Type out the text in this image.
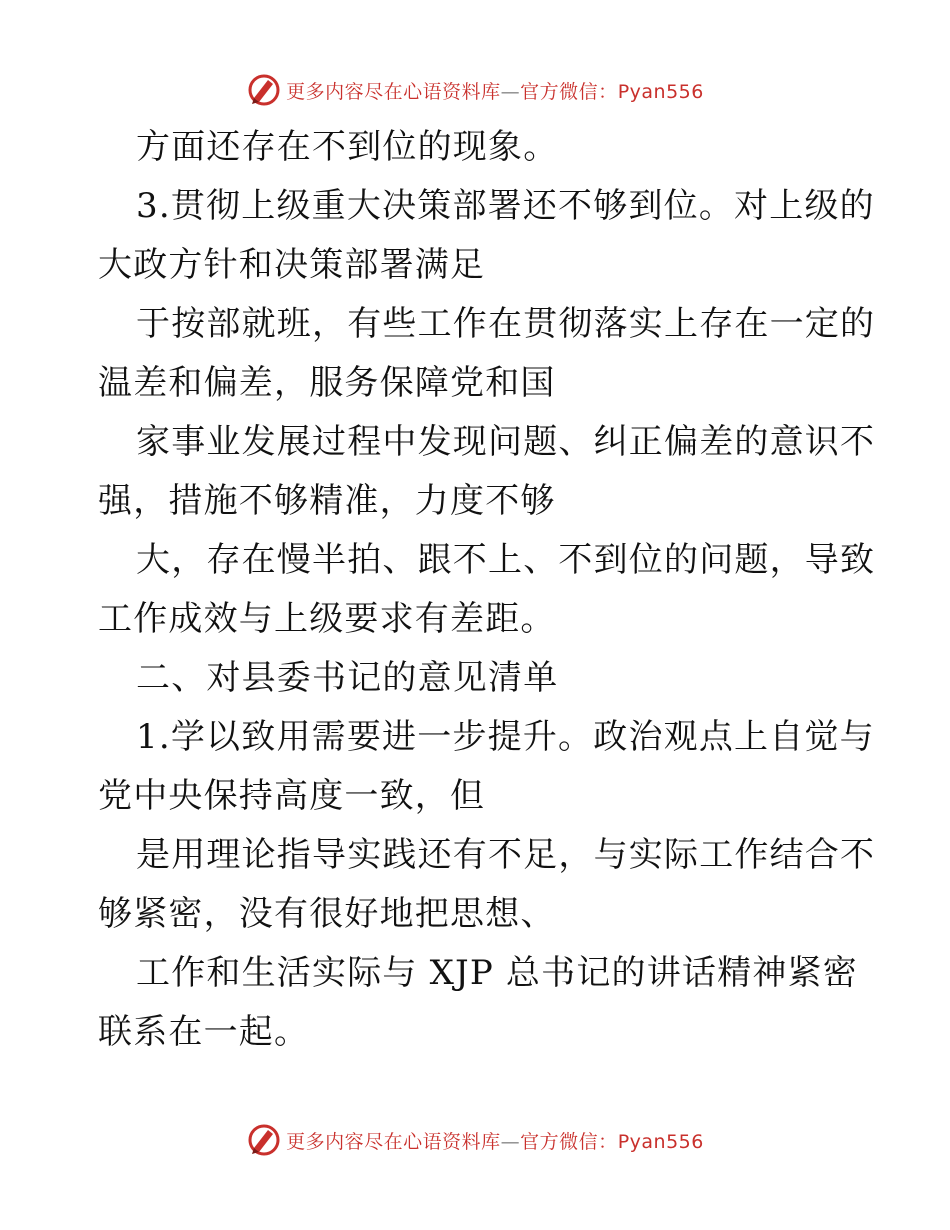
更多内容尽在心语资料库—官方微信：Pyan556
方面还存在不到位的现象。
3.贯彻上级重大决策部署还不够到位。对上级的
大政方针和决策部署满足
于按部就班，有些工作在贯彻落实上存在一定的
温差和偏差，服务保障党和国
家事业发展过程中发现问题、纠正偏差的意识不
强，措施不够精准，力度不够
大，存在慢半拍、跟不上、不到位的问题，导致
工作成效与上级要求有差距。
二、对县委书记的意见清单
1.学以致用需要进一步提升。政治观点上自觉与
党中央保持高度一致，但
是用理论指导实践还有不足，与实际工作结合不
够紧密，没有很好地把思想、
工作和生活实际与 XJP 总书记的讲话精神紧密
联系在一起。
更多内容尽在心语资料库—官方微信：Pyan556
